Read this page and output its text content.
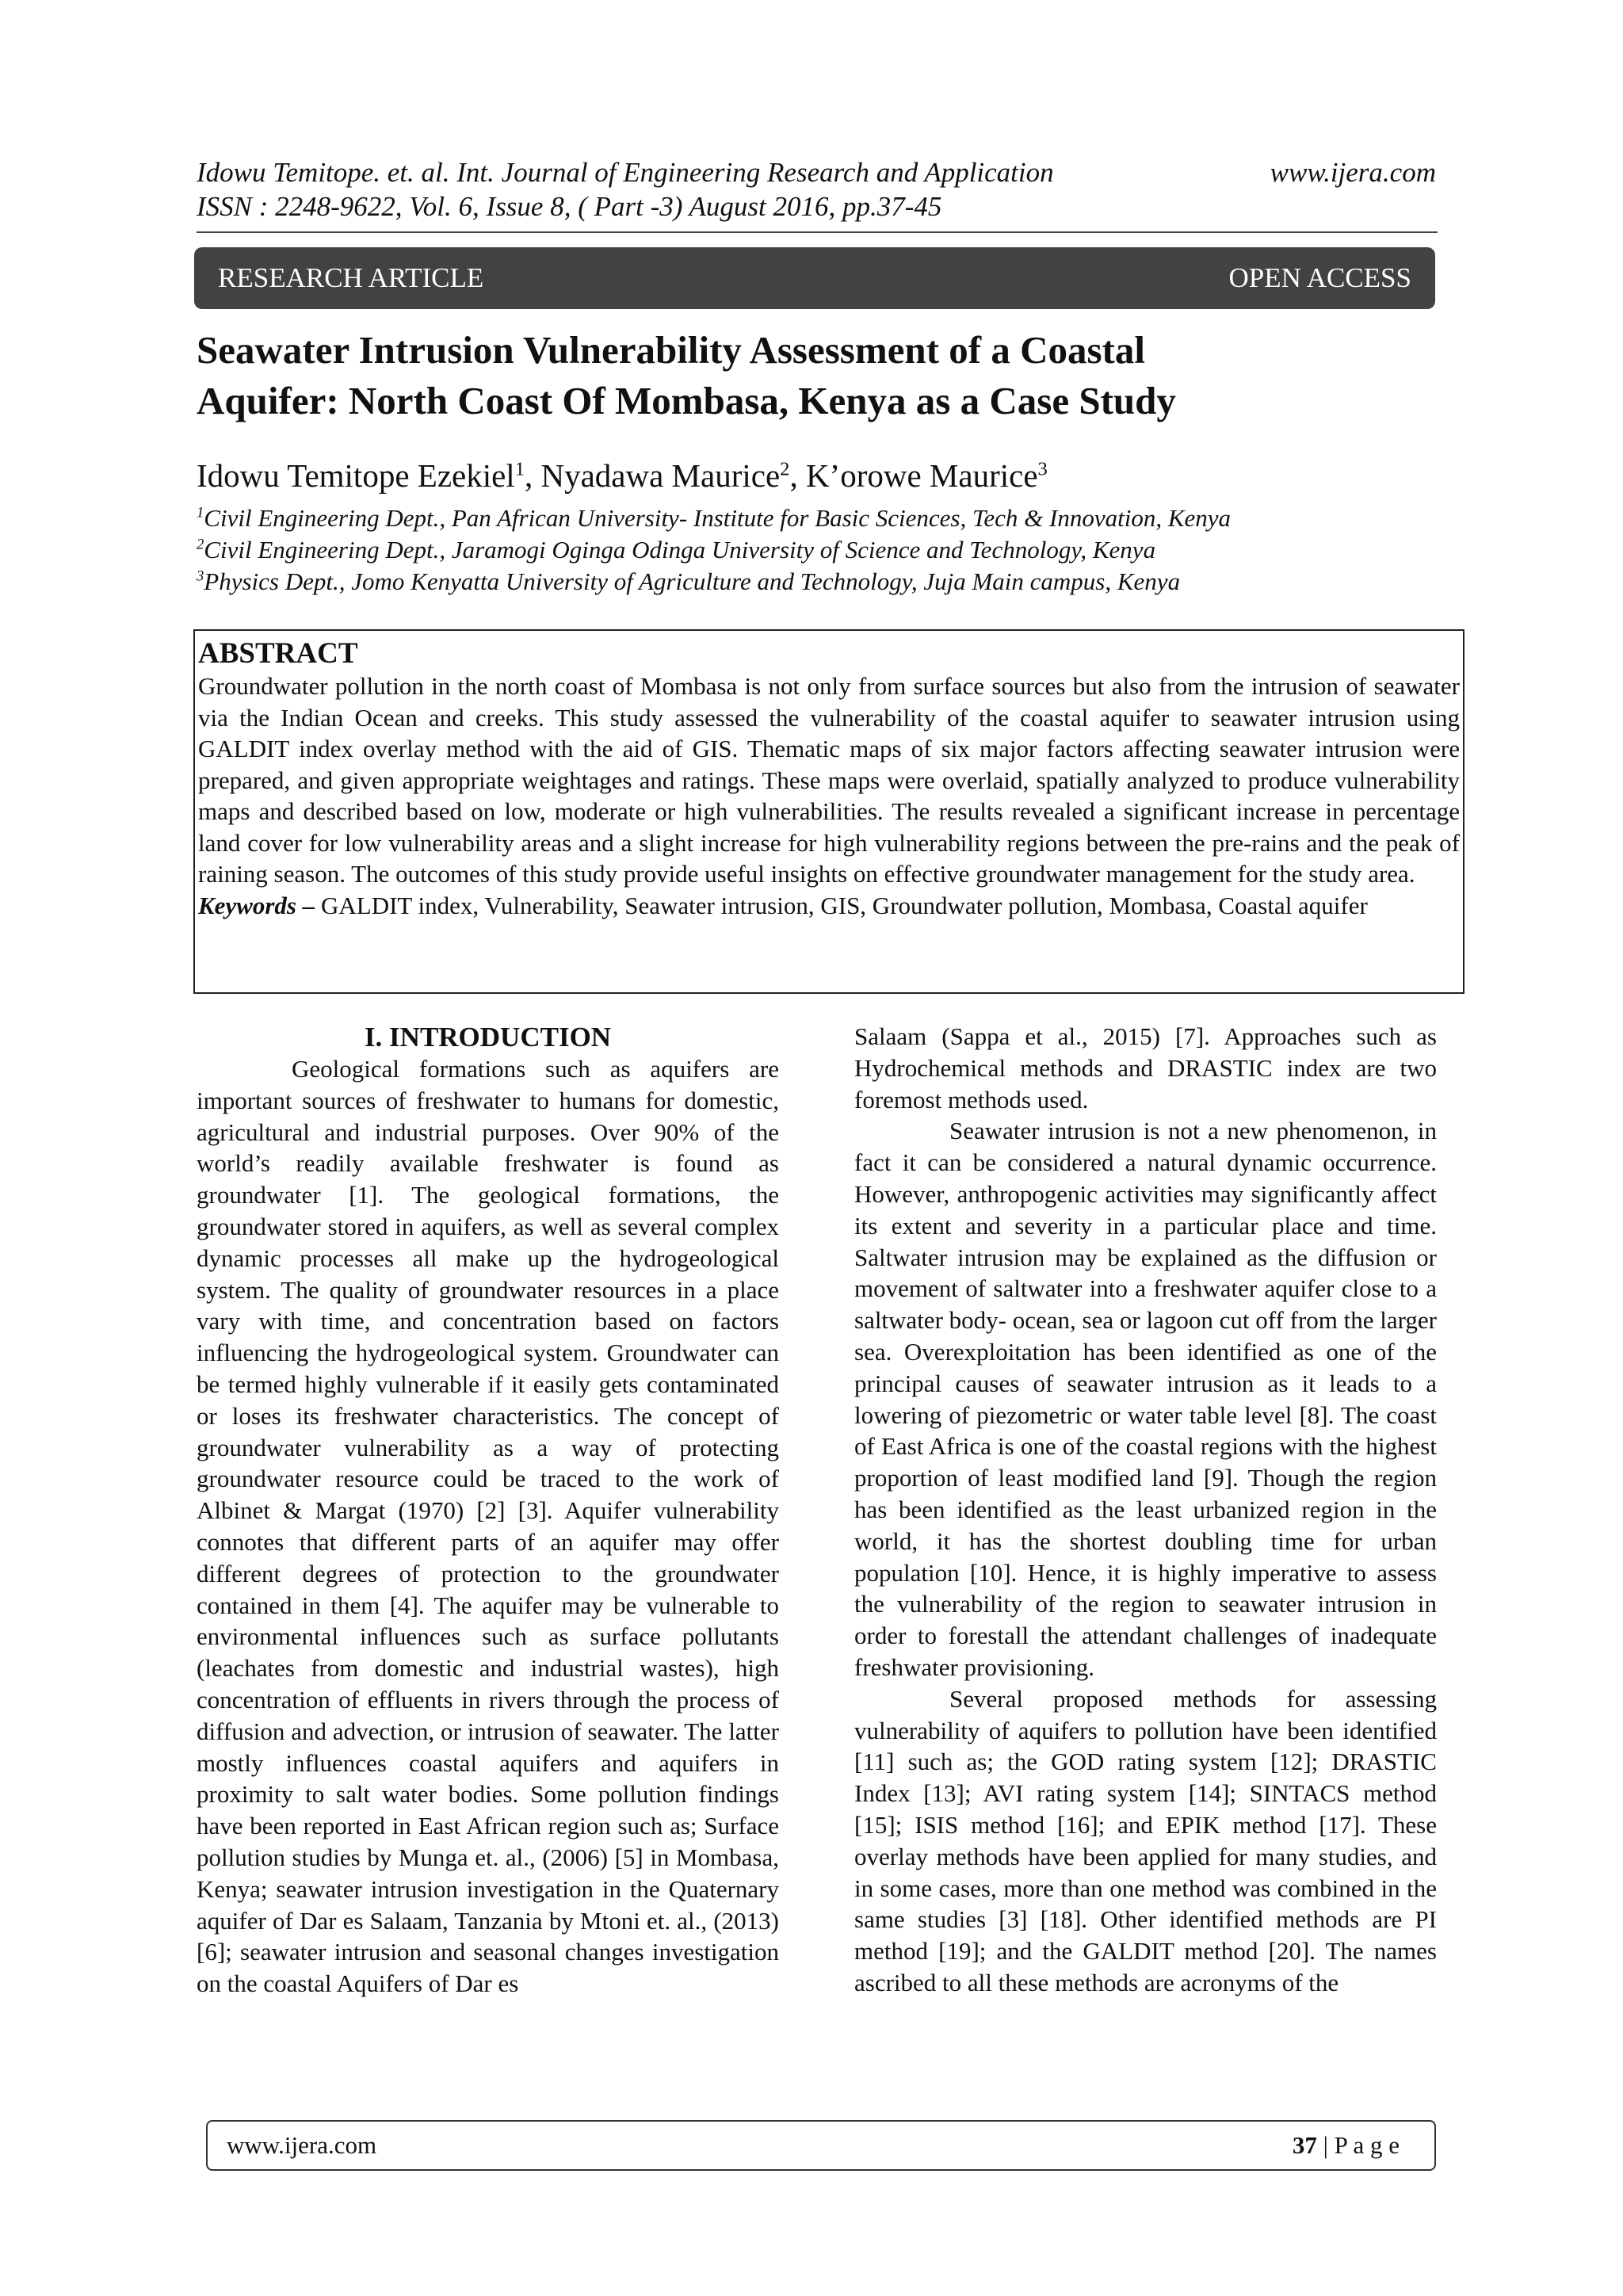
Idowu Temitope. et. al. Int. Journal of Engineering Research and Application
ISSN : 2248-9622, Vol. 6, Issue 8, ( Part -3) August 2016, pp.37-45
www.ijera.com
RESEARCH ARTICLE	OPEN ACCESS
Seawater Intrusion Vulnerability Assessment of a Coastal
Aquifer: North Coast Of Mombasa, Kenya as a Case Study
Idowu Temitope Ezekiel$^1$, Nyadawa Maurice$^2$, K’orowe Maurice$^3$
$^1$Civil Engineering Dept., Pan African University- Institute for Basic Sciences, Tech & Innovation, Kenya
$^2$Civil Engineering Dept., Jaramogi Oginga Odinga University of Science and Technology, Kenya
$^3$Physics Dept., Jomo Kenyatta University of Agriculture and Technology, Juja Main campus, Kenya
ABSTRACT
Groundwater pollution in the north coast of Mombasa is not only from surface sources but also from the intrusion of seawater via the Indian Ocean and creeks. This study assessed the vulnerability of the coastal aquifer to seawater intrusion using GALDIT index overlay method with the aid of GIS. Thematic maps of six major factors affecting seawater intrusion were prepared, and given appropriate weightages and ratings. These maps were overlaid, spatially analyzed to produce vulnerability maps and described based on low, moderate or high vulnerabilities. The results revealed a significant increase in percentage land cover for low vulnerability areas and a slight increase for high vulnerability regions between the pre-rains and the peak of raining season. The outcomes of this study provide useful insights on effective groundwater management for the study area.
Keywords – GALDIT index, Vulnerability, Seawater intrusion, GIS, Groundwater pollution, Mombasa, Coastal aquifer
I. INTRODUCTION

Geological formations such as aquifers are important sources of freshwater to humans for domestic, agricultural and industrial purposes. Over 90% of the world’s readily available freshwater is found as groundwater [1]. The geological formations, the groundwater stored in aquifers, as well as several complex dynamic processes all make up the hydrogeological system. The quality of groundwater resources in a place vary with time, and concentration based on factors influencing the hydrogeological system. Groundwater can be termed highly vulnerable if it easily gets contaminated or loses its freshwater characteristics. The concept of groundwater vulnerability as a way of protecting groundwater resource could be traced to the work of Albinet & Margat (1970) [2] [3]. Aquifer vulnerability connotes that different parts of an aquifer may offer different degrees of protection to the groundwater contained in them [4]. The aquifer may be vulnerable to environmental influences such as surface pollutants (leachates from domestic and industrial wastes), high concentration of effluents in rivers through the process of diffusion and advection, or intrusion of seawater. The latter mostly influences coastal aquifers and aquifers in proximity to salt water bodies. Some pollution findings have been reported in East African region such as; Surface pollution studies by Munga et. al., (2006) [5] in Mombasa, Kenya; seawater intrusion investigation in the Quaternary aquifer of Dar es Salaam, Tanzania by Mtoni et. al., (2013) [6]; seawater intrusion and seasonal changes investigation on the coastal Aquifers of Dar es

Salaam (Sappa et al., 2015) [7]. Approaches such as Hydrochemical methods and DRASTIC index are two foremost methods used.

Seawater intrusion is not a new phenomenon, in fact it can be considered a natural dynamic occurrence. However, anthropogenic activities may significantly affect its extent and severity in a particular place and time. Saltwater intrusion may be explained as the diffusion or movement of saltwater into a freshwater aquifer close to a saltwater body- ocean, sea or lagoon cut off from the larger sea. Overexploitation has been identified as one of the principal causes of seawater intrusion as it leads to a lowering of piezometric or water table level [8]. The coast of East Africa is one of the coastal regions with the highest proportion of least modified land [9]. Though the region has been identified as the least urbanized region in the world, it has the shortest doubling time for urban population [10]. Hence, it is highly imperative to assess the vulnerability of the region to seawater intrusion in order to forestall the attendant challenges of inadequate freshwater provisioning.

Several proposed methods for assessing vulnerability of aquifers to pollution have been identified [11] such as; the GOD rating system [12]; DRASTIC Index [13]; AVI rating system [14]; SINTACS method [15]; ISIS method [16]; and EPIK method [17]. These overlay methods have been applied for many studies, and in some cases, more than one method was combined in the same studies [3] [18]. Other identified methods are PI method [19]; and the GALDIT method [20]. The names ascribed to all these methods are acronyms of the

www.ijera.com	37 | P a g e
